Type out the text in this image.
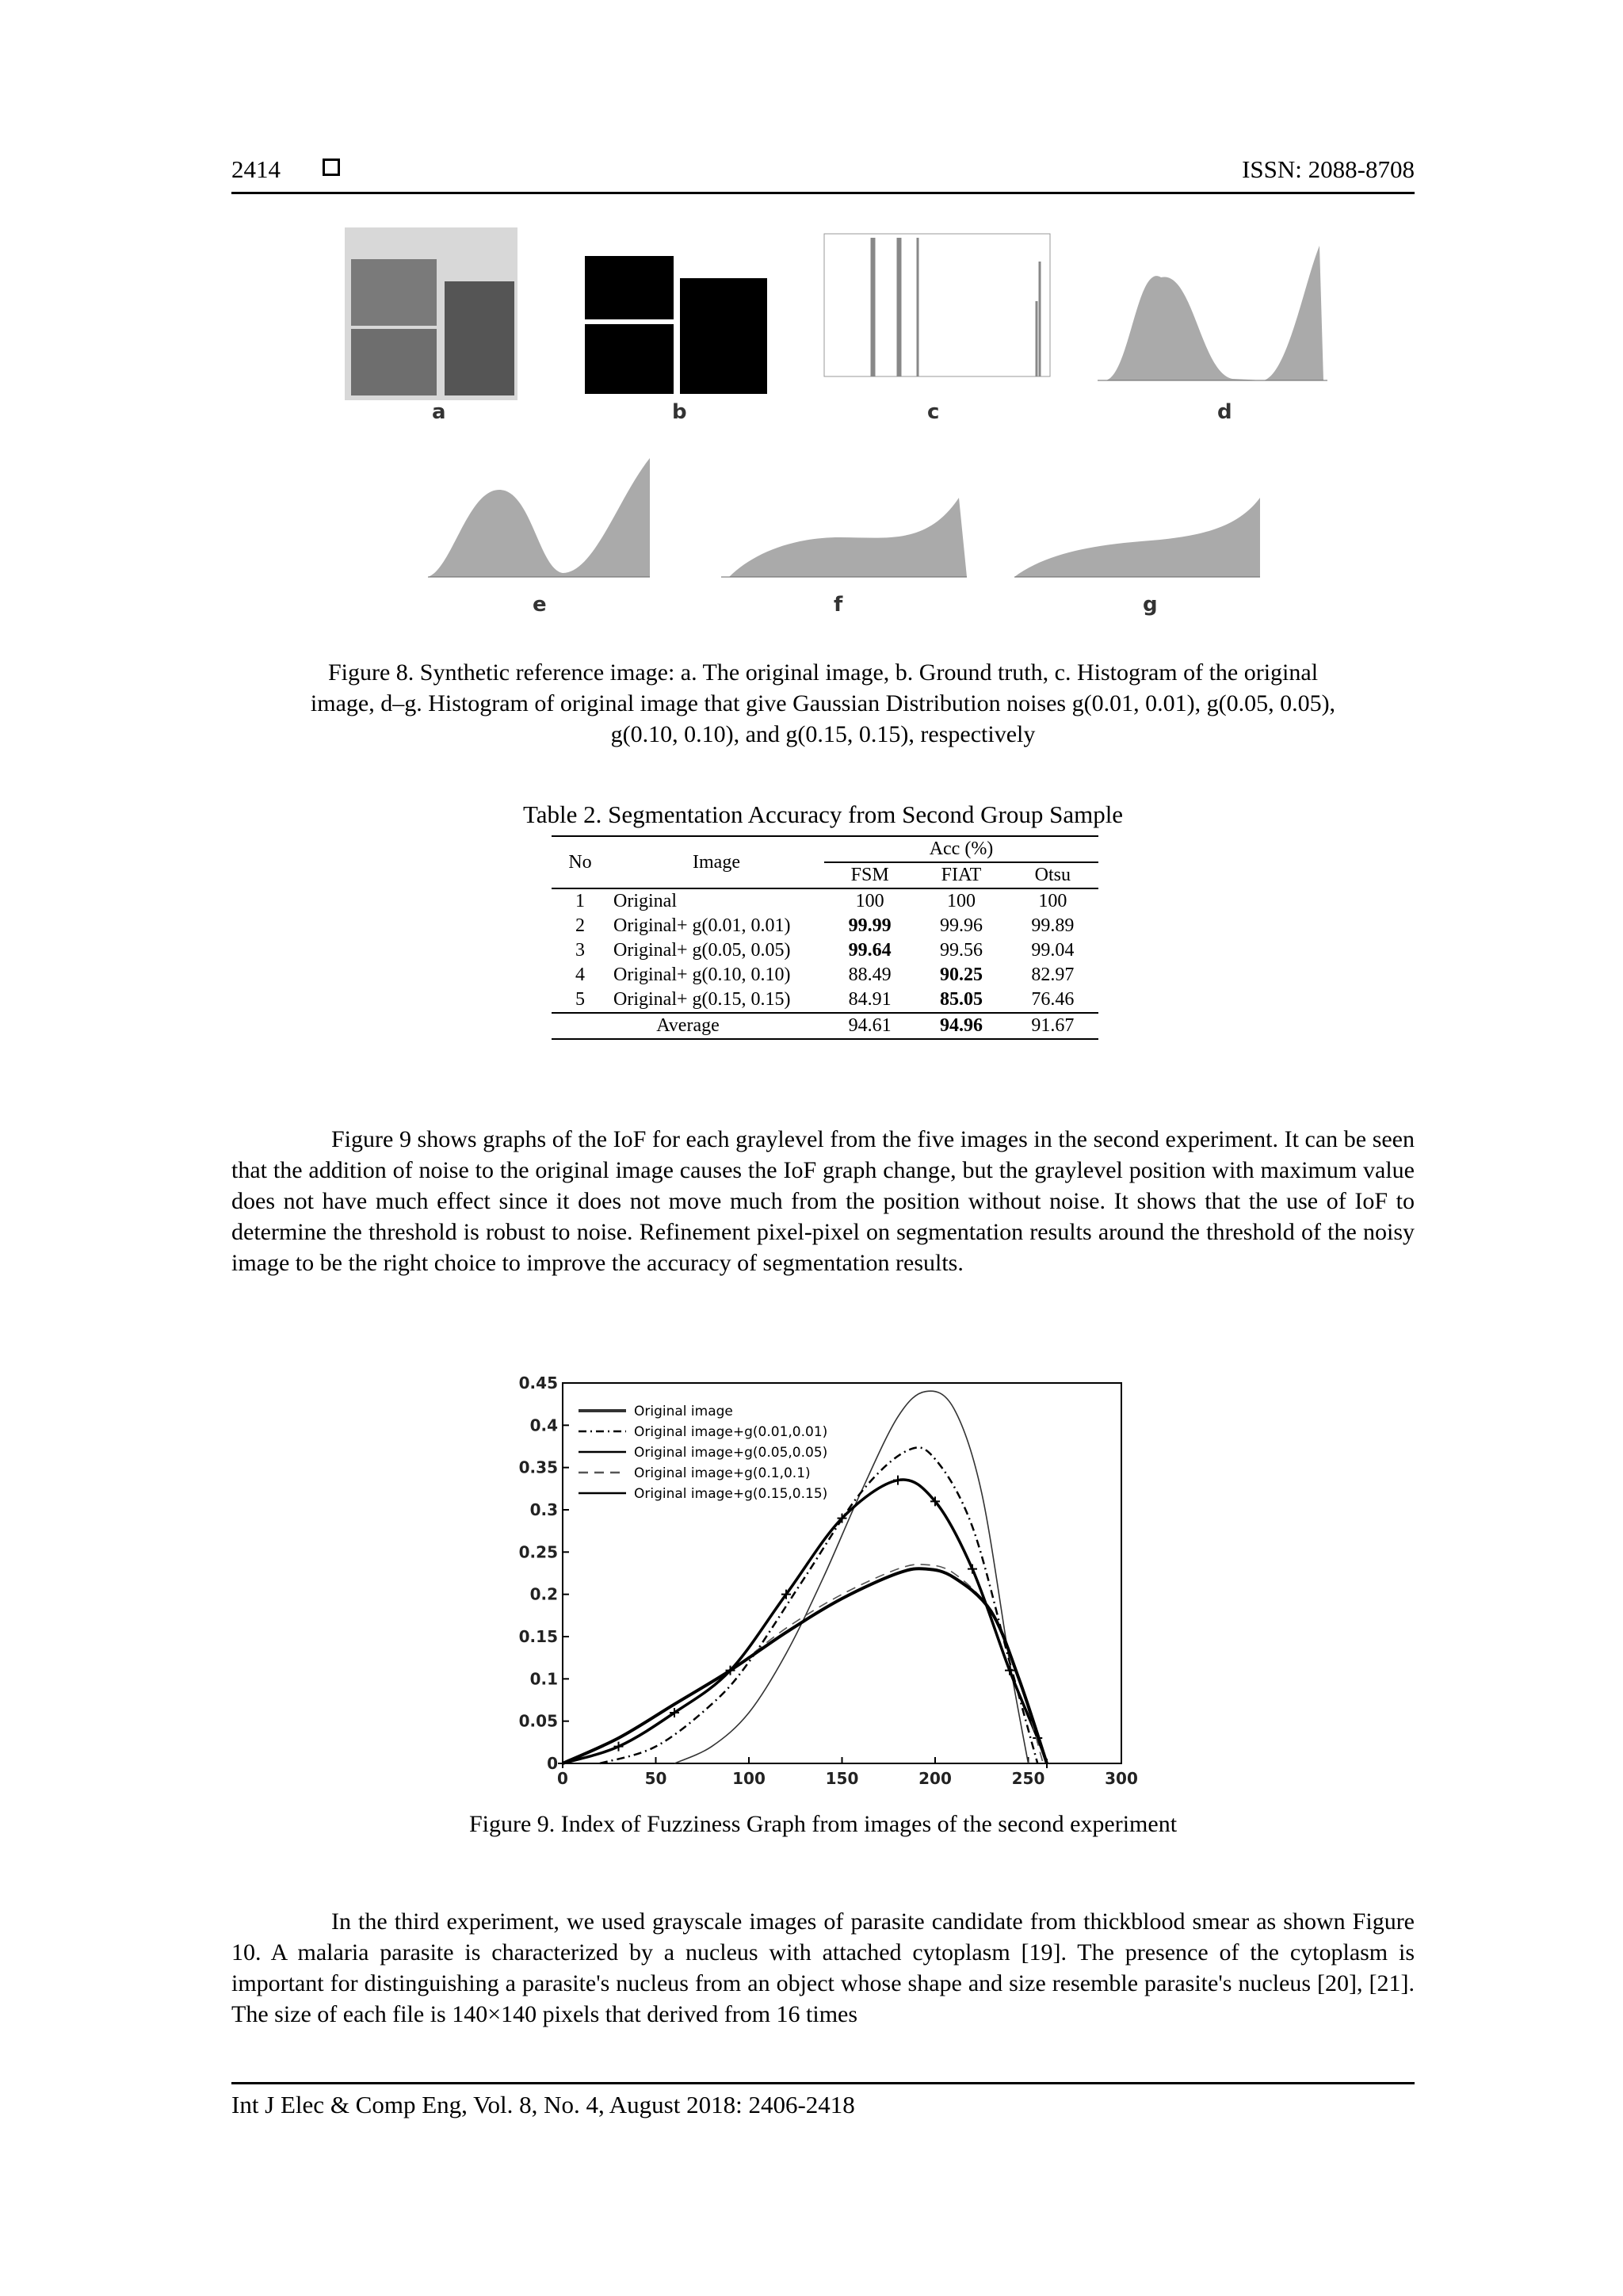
2414	ISSN: 2088-8708
a	b	c	d
e	f	g
Figure 8. Synthetic reference image: a. The original image, b. Ground truth, c. Histogram of the original
image, d–g. Histogram of original image that give Gaussian Distribution noises g(0.01, 0.01), g(0.05, 0.05),
g(0.10, 0.10), and g(0.15, 0.15), respectively
Table 2. Segmentation Accuracy from Second Group Sample
No	Image	Acc (%)		
		FSM	FIAT	Otsu
1	Original	100	100	100
2	Original+ g(0.01, 0.01)	99.99	99.96	99.89
3	Original+ g(0.05, 0.05)	99.64	99.56	99.04
4	Original+ g(0.10, 0.10)	88.49	90.25	82.97
5	Original+ g(0.15, 0.15)	84.91	85.05	76.46
Average		94.61	94.96	91.67

Figure 9 shows graphs of the IoF for each graylevel from the five images in the second experiment. It can be seen that the addition of noise to the original image causes the IoF graph change, but the graylevel position with maximum value does not have much effect since it does not move much from the position without noise. It shows that the use of IoF to determine the threshold is robust to noise. Refinement pixel-pixel on segmentation results around the threshold of the noisy image to be the right choice to improve the accuracy of segmentation results.

0
0.05
0.1
0.15
0.2
0.25
0.3
0.35
0.4
0.45
0	50	100	150	200	250	300
Original image
Original image+g(0.01,0.01)
Original image+g(0.05,0.05)
Original image+g(0.1,0.1)
Original image+g(0.15,0.15)
Figure 9. Index of Fuzziness Graph from images of the second experiment

In the third experiment, we used grayscale images of parasite candidate from thickblood smear as shown Figure 10. A malaria parasite is characterized by a nucleus with attached cytoplasm [19]. The presence of the cytoplasm is important for distinguishing a parasite's nucleus from an object whose shape and size resemble parasite's nucleus [20], [21]. The size of each file is 140×140 pixels that derived from 16 times

Int J Elec & Comp Eng, Vol. 8, No. 4, August 2018: 2406-2418
